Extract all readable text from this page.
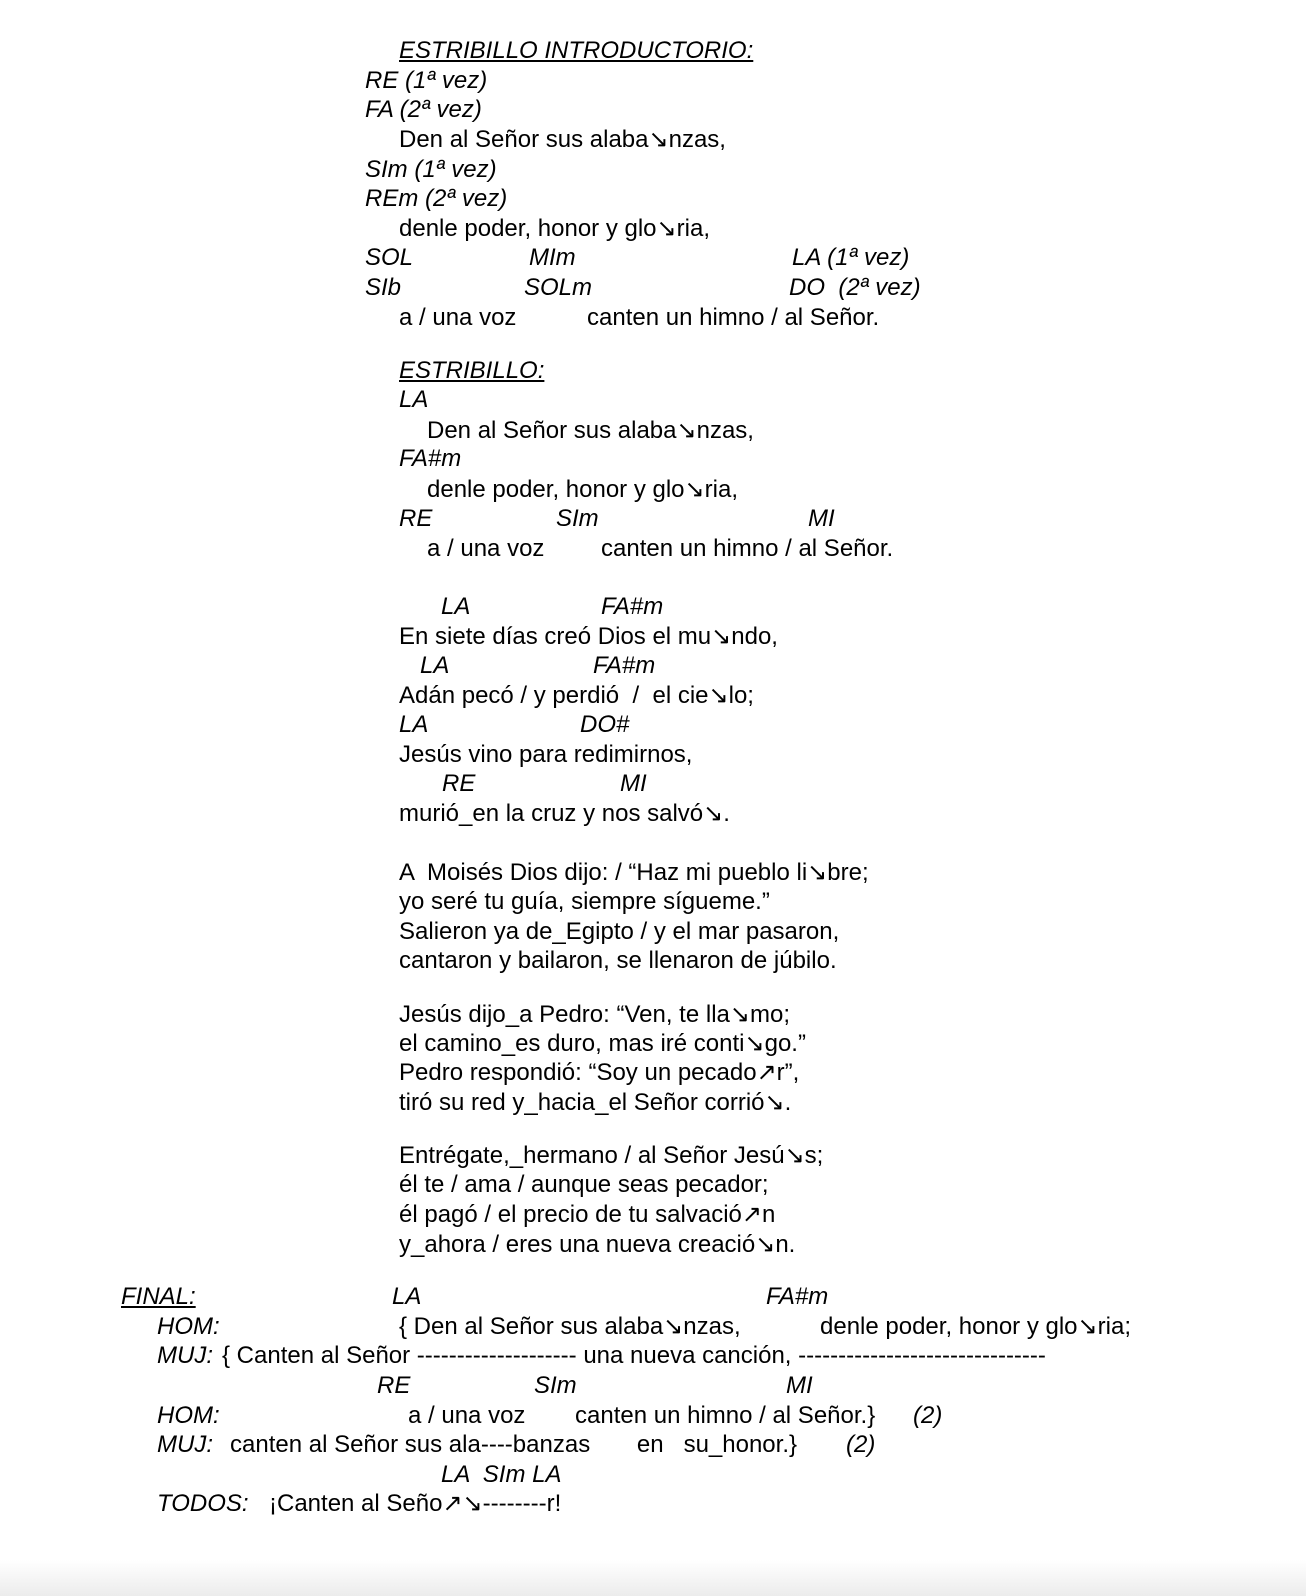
ESTRIBILLO INTRODUCTORIO:
RE (1ª vez)
FA (2ª vez)
Den al Señor sus alaba↘nzas,
SIm (1ª vez)
REm (2ª vez)
denle poder, honor y glo↘ria,
SOL	MIm	LA (1ª vez)
SIb	SOLm	DO  (2ª vez)
a / una voz	canten un himno / al Señor.
ESTRIBILLO:
LA
Den al Señor sus alaba↘nzas,
FA#m
denle poder, honor y glo↘ria,
RE	SIm	MI
a / una voz canten un himno / al Señor.
LA	FA#m
En siete días creó Dios el mu↘ndo,
LA	FA#m
Adán pecó / y perdió  /  el cie↘lo;
LA	DO#
Jesús vino para redimirnos,
RE	MI
murió_en la cruz y nos salvó↘.
A  Moisés Dios dijo: / “Haz mi pueblo li↘bre;
yo seré tu guía, siempre sígueme.”
Salieron ya de_Egipto / y el mar pasaron,
cantaron y bailaron, se llenaron de júbilo.
Jesús dijo_a Pedro: “Ven, te lla↘mo;
el camino_es duro, mas iré conti↘go.”
Pedro respondió: “Soy un pecado↗r”,
tiró su red y_hacia_el Señor corrió↘.
Entrégate,_hermano / al Señor Jesú↘s;
él te / ama / aunque seas pecador;
él pagó / el precio de tu salvació↗n
y_ahora / eres una nueva creació↘n.
FINAL:	LA	FA#m
HOM:	{ Den al Señor sus alaba↘nzas,	denle poder, honor y glo↘ria;
MUJ: { Canten al Señor -------------------- una nueva canción, -------------------------------
RE	SIm	MI
HOM:	a / una voz canten un himno / al Señor.} (2)
MUJ: canten al Señor sus ala----banzas       en   su_honor.} (2)
LA  SIm LA
TODOS: ¡Canten al Seño↗↘--------r!
